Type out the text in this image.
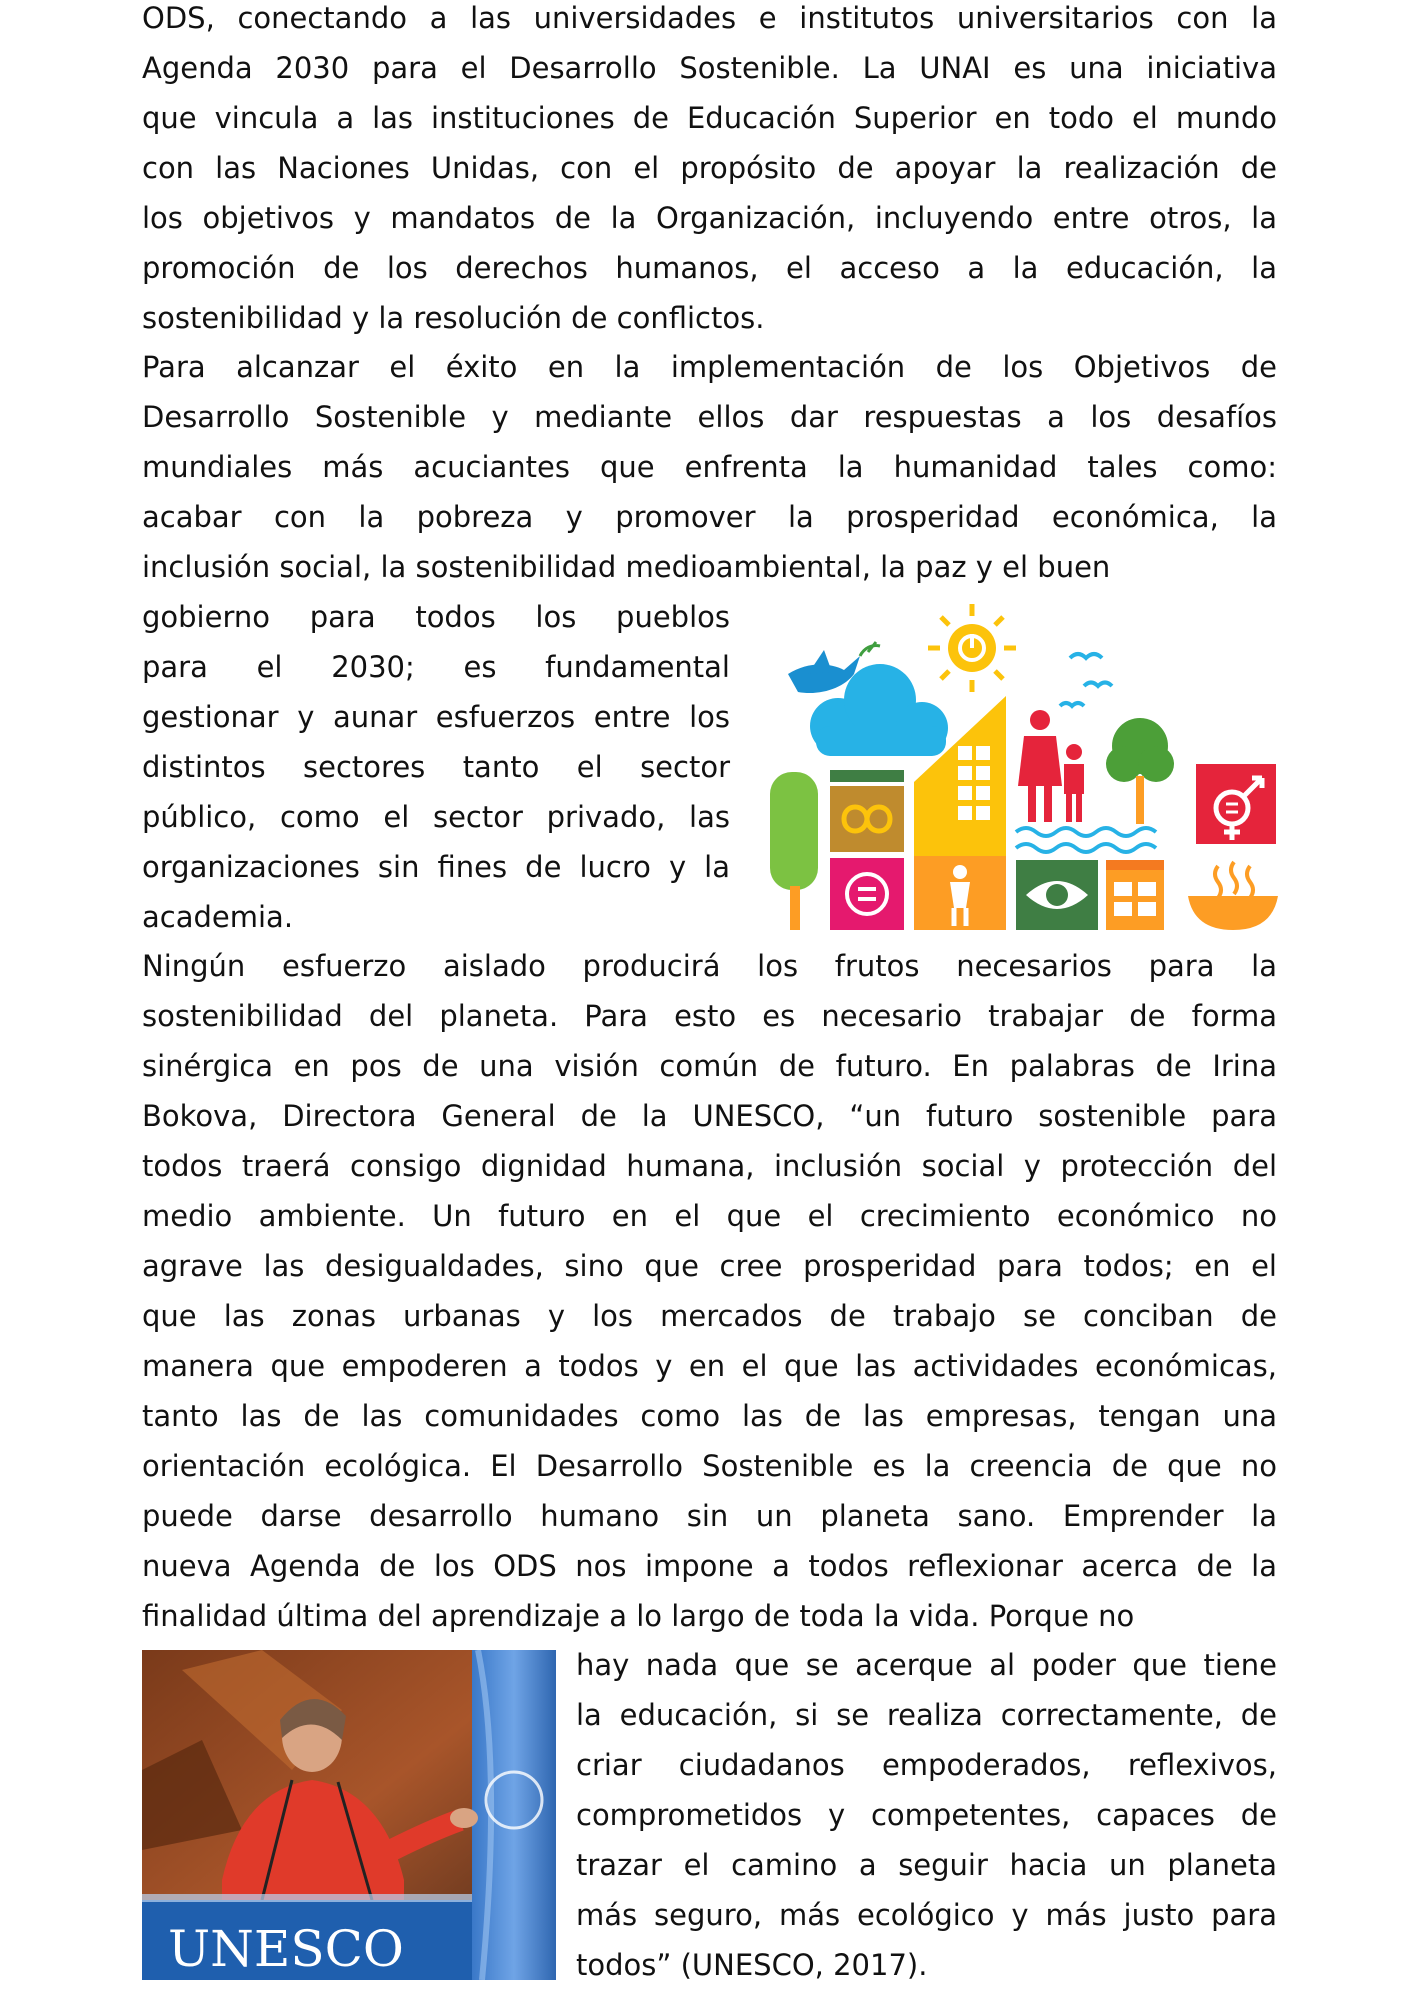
ODS, conectando a las universidades e institutos universitarios con la
Agenda 2030 para el Desarrollo Sostenible. La UNAI es una iniciativa
que vincula a las instituciones de Educación Superior en todo el mundo
con las Naciones Unidas, con el propósito de apoyar la realización de
los objetivos y mandatos de la Organización, incluyendo entre otros, la
promoción de los derechos humanos, el acceso a la educación, la
sostenibilidad y la resolución de conflictos.
Para alcanzar el éxito en la implementación de los Objetivos de
Desarrollo Sostenible y mediante ellos dar respuestas a los desafíos
mundiales más acuciantes que enfrenta la humanidad tales como:
acabar con la pobreza y promover la prosperidad económica, la
inclusión social, la sostenibilidad medioambiental, la paz y el buen
gobierno para todos los pueblos
para el 2030; es fundamental
gestionar y aunar esfuerzos entre los
distintos sectores tanto el sector
público, como el sector privado, las
organizaciones sin fines de lucro y la
academia.
Ningún esfuerzo aislado producirá los frutos necesarios para la
sostenibilidad del planeta. Para esto es necesario trabajar de forma
sinérgica en pos de una visión común de futuro. En palabras de Irina
Bokova, Directora General de la UNESCO, “un futuro sostenible para
todos traerá consigo dignidad humana, inclusión social y protección del
medio ambiente. Un futuro en el que el crecimiento económico no
agrave las desigualdades, sino que cree prosperidad para todos; en el
que las zonas urbanas y los mercados de trabajo se conciban de
manera que empoderen a todos y en el que las actividades económicas,
tanto las de las comunidades como las de las empresas, tengan una
orientación ecológica. El Desarrollo Sostenible es la creencia de que no
puede darse desarrollo humano sin un planeta sano. Emprender la
nueva Agenda de los ODS nos impone a todos reflexionar acerca de la
finalidad última del aprendizaje a lo largo de toda la vida. Porque no
UNESCO
hay nada que se acerque al poder que tiene
la educación, si se realiza correctamente, de
criar ciudadanos empoderados, reflexivos,
comprometidos y competentes, capaces de
trazar el camino a seguir hacia un planeta
más seguro, más ecológico y más justo para
todos” (UNESCO, 2017).
